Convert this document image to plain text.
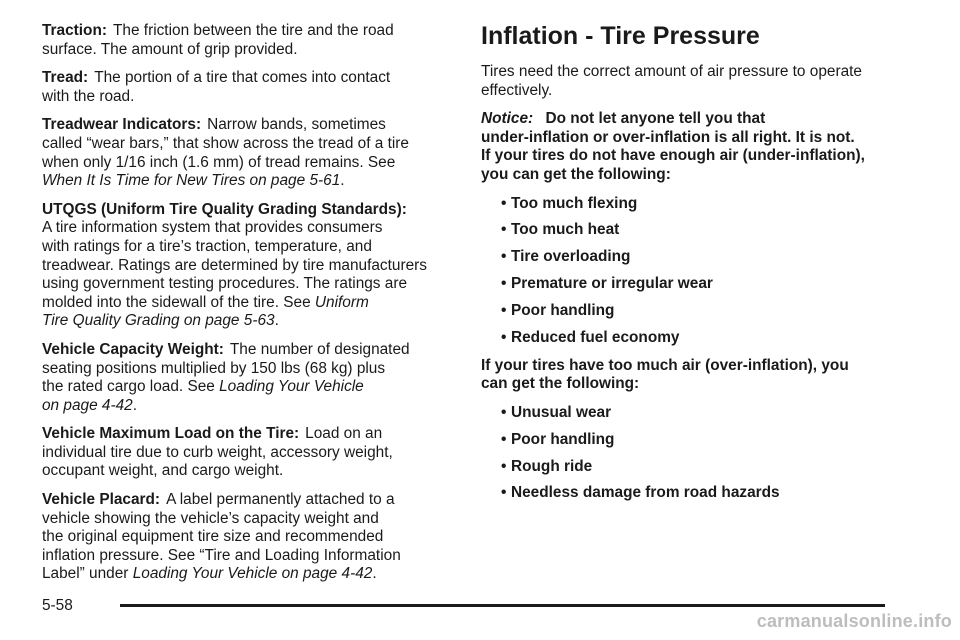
Traction: The friction between the tire and the road
surface. The amount of grip provided.

Tread: The portion of a tire that comes into contact
with the road.

Treadwear Indicators: Narrow bands, sometimes
called “wear bars,” that show across the tread of a tire
when only 1/16 inch (1.6 mm) of tread remains. See
When It Is Time for New Tires on page 5-61.

UTQGS (Uniform Tire Quality Grading Standards):
A tire information system that provides consumers
with ratings for a tire’s traction, temperature, and
treadwear. Ratings are determined by tire manufacturers
using government testing procedures. The ratings are
molded into the sidewall of the tire. See Uniform
Tire Quality Grading on page 5-63.

Vehicle Capacity Weight: The number of designated
seating positions multiplied by 150 lbs (68 kg) plus
the rated cargo load. See Loading Your Vehicle
on page 4-42.

Vehicle Maximum Load on the Tire: Load on an
individual tire due to curb weight, accessory weight,
occupant weight, and cargo weight.

Vehicle Placard: A label permanently attached to a
vehicle showing the vehicle’s capacity weight and
the original equipment tire size and recommended
inflation pressure. See “Tire and Loading Information
Label” under Loading Your Vehicle on page 4-42.

Inflation - Tire Pressure

Tires need the correct amount of air pressure to operate
effectively.

Notice: Do not let anyone tell you that
under-inflation or over-inflation is all right. It is not.
If your tires do not have enough air (under-inflation),
you can get the following:

• Too much flexing
• Too much heat
• Tire overloading
• Premature or irregular wear
• Poor handling
• Reduced fuel economy

If your tires have too much air (over-inflation), you
can get the following:

• Unusual wear
• Poor handling
• Rough ride
• Needless damage from road hazards
5-58
carmanualsonline.info
